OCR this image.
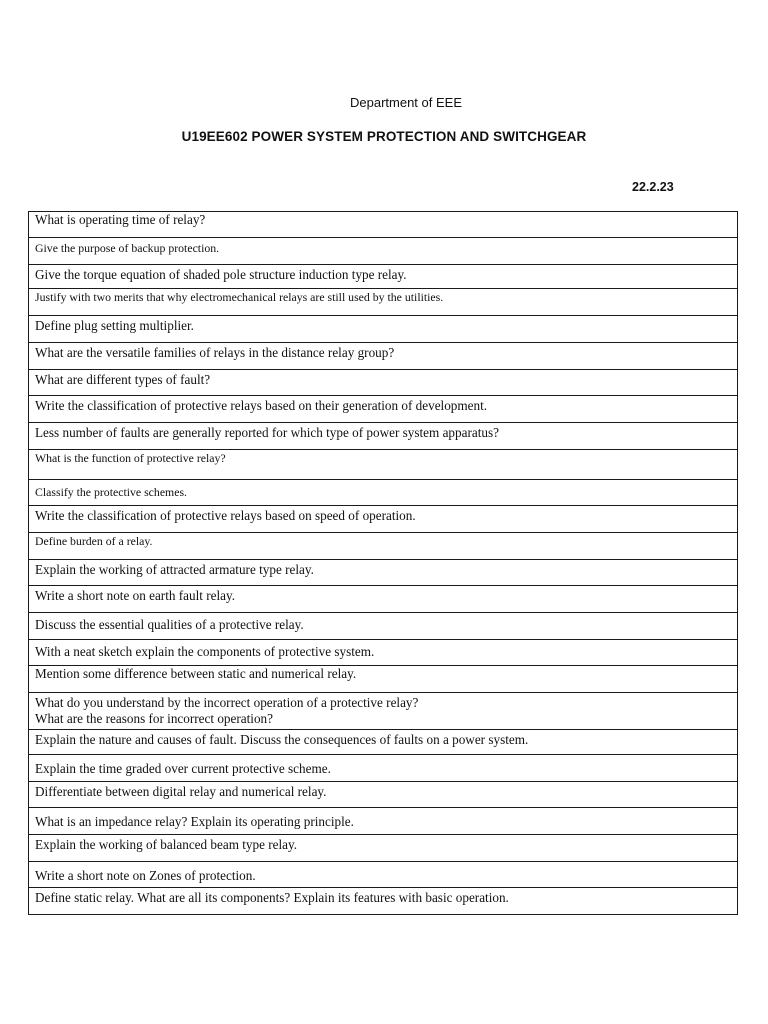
Department of EEE
U19EE602 POWER SYSTEM PROTECTION AND SWITCHGEAR
22.2.23
What is operating time of relay?
Give the purpose of backup protection.
Give the torque equation of shaded pole structure induction type relay.
Justify with two merits that why electromechanical relays are still used by the utilities.
Define plug setting multiplier.
What are the versatile families of relays in the distance relay group?
What are different types of fault?
Write the classification of protective relays based on their generation of development.
Less number of faults are generally reported for which type of power system apparatus?
What is the function of protective relay?
Classify the protective schemes.
Write the classification of protective relays based on speed of operation.
Define burden of a relay.
Explain the working of attracted armature type relay.
Write a short note on earth fault relay.
Discuss the essential qualities of a protective relay.
With a neat sketch explain the components of protective system.
Mention some difference between static and numerical relay.
What do you understand by the incorrect operation of a protective relay?
What are the reasons for incorrect operation?
Explain the nature and causes of fault. Discuss the consequences of faults on a power system.
Explain the time graded over current protective scheme.
Differentiate between digital relay and numerical relay.
What is an impedance relay? Explain its operating principle.
Explain the working of balanced beam type relay.
Write a short note on Zones of protection.
Define static relay. What are all its components? Explain its features with basic operation.
